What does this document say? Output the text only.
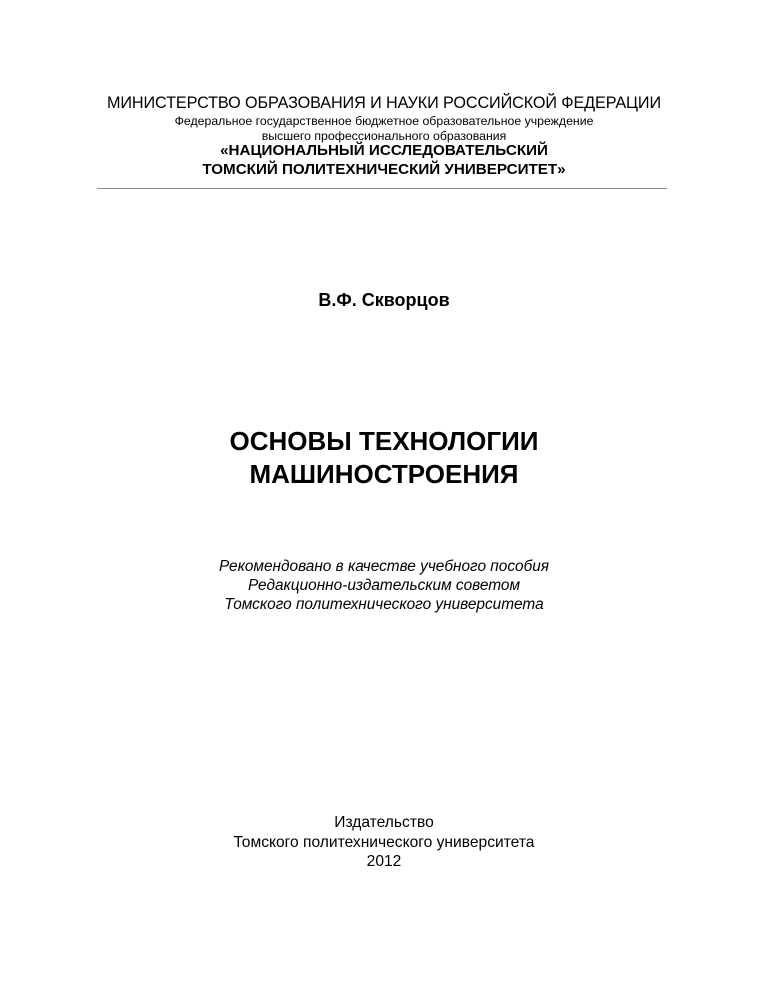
МИНИСТЕРСТВО ОБРАЗОВАНИЯ И НАУКИ РОССИЙСКОЙ ФЕДЕРАЦИИ
Федеральное государственное бюджетное образовательное учреждение
высшего профессионального образования
«НАЦИОНАЛЬНЫЙ ИССЛЕДОВАТЕЛЬСКИЙ
ТОМСКИЙ ПОЛИТЕХНИЧЕСКИЙ УНИВЕРСИТЕТ»
В.Ф. Скворцов
ОСНОВЫ ТЕХНОЛОГИИ
МАШИНОСТРОЕНИЯ
Рекомендовано в качестве учебного пособия
Редакционно-издательским советом
Томского политехнического университета
Издательство
Томского политехнического университета
2012
